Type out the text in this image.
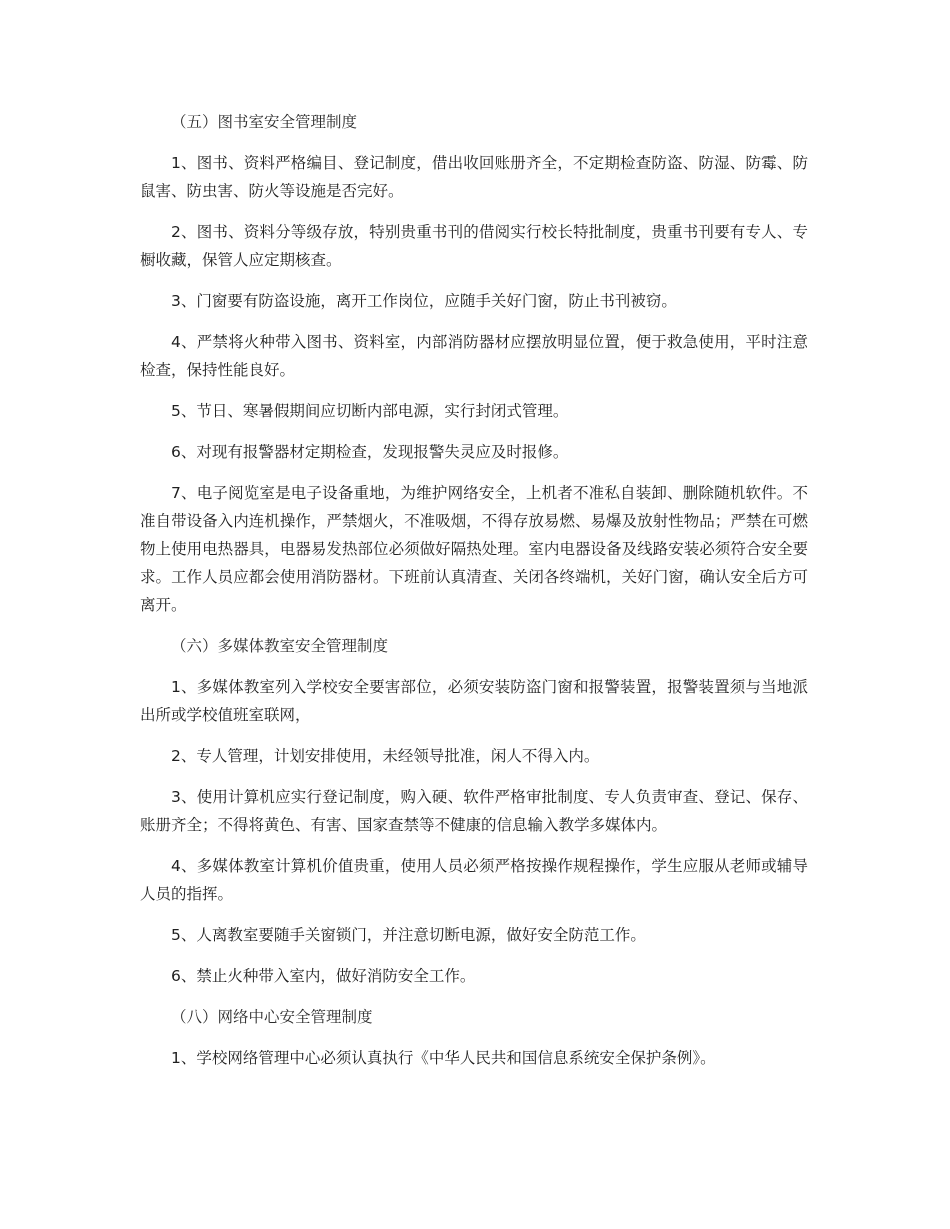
（五）图书室安全管理制度

1、图书、资料严格编目、登记制度，借出收回账册齐全，不定期检查防盗、防湿、防霉、防鼠害、防虫害、防火等设施是否完好。

2、图书、资料分等级存放，特别贵重书刊的借阅实行校长特批制度，贵重书刊要有专人、专橱收藏，保管人应定期核查。

3、门窗要有防盗设施，离开工作岗位，应随手关好门窗，防止书刊被窃。

4、严禁将火种带入图书、资料室，内部消防器材应摆放明显位置，便于救急使用，平时注意检查，保持性能良好。

5、节日、寒暑假期间应切断内部电源，实行封闭式管理。

6、对现有报警器材定期检查，发现报警失灵应及时报修。

7、电子阅览室是电子设备重地，为维护网络安全，上机者不准私自装卸、删除随机软件。不准自带设备入内连机操作，严禁烟火，不准吸烟，不得存放易燃、易爆及放射性物品；严禁在可燃物上使用电热器具，电器易发热部位必须做好隔热处理。室内电器设备及线路安装必须符合安全要求。工作人员应都会使用消防器材。下班前认真清查、关闭各终端机，关好门窗，确认安全后方可离开。

（六）多媒体教室安全管理制度

1、多媒体教室列入学校安全要害部位，必须安装防盗门窗和报警装置，报警装置须与当地派出所或学校值班室联网，

2、专人管理，计划安排使用，未经领导批准，闲人不得入内。

3、使用计算机应实行登记制度，购入硬、软件严格审批制度、专人负责审查、登记、保存、账册齐全；不得将黄色、有害、国家查禁等不健康的信息输入教学多媒体内。

4、多媒体教室计算机价值贵重，使用人员必须严格按操作规程操作，学生应服从老师或辅导人员的指挥。

5、人离教室要随手关窗锁门，并注意切断电源，做好安全防范工作。

6、禁止火种带入室内，做好消防安全工作。

（八）网络中心安全管理制度

1、学校网络管理中心必须认真执行《中华人民共和国信息系统安全保护条例》。
